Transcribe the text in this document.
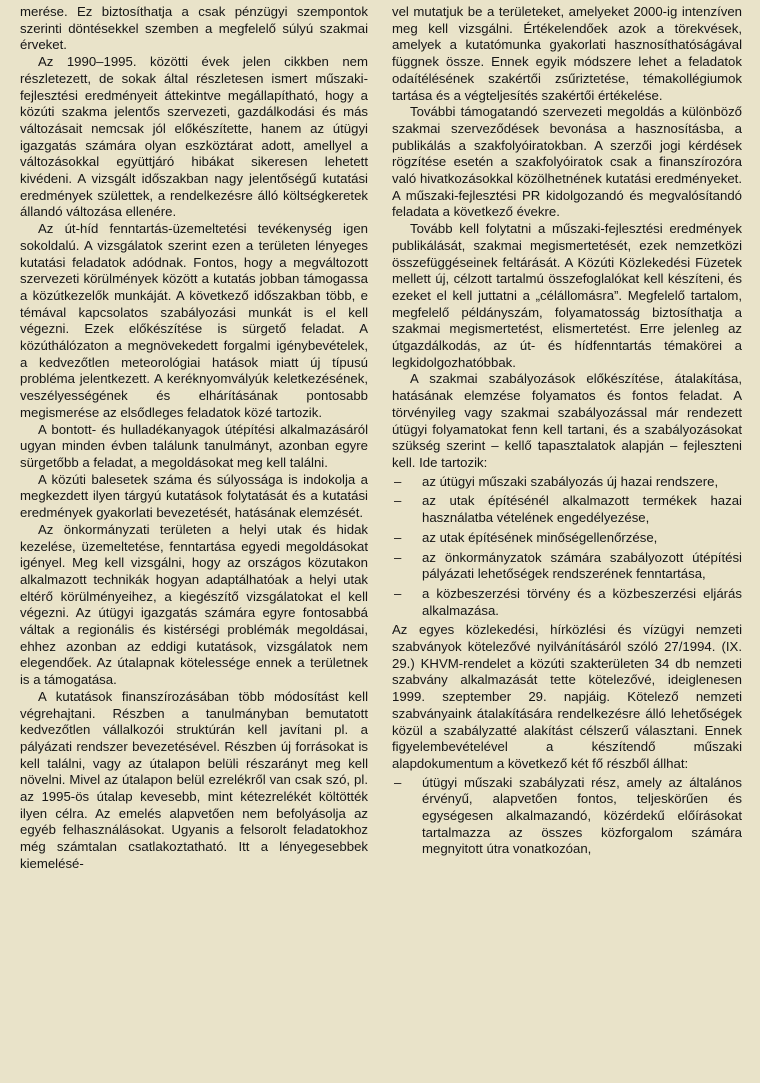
merése. Ez biztosíthatja a csak pénzügyi szempontok szerinti döntésekkel szemben a megfelelő súlyú szakmai érveket.

Az 1990–1995. közötti évek jelen cikkben nem részletezett, de sokak által részletesen ismert műszaki-fejlesztési eredményeit áttekintve megállapítható, hogy a közúti szakma jelentős szervezeti, gazdálkodási és más változásait nemcsak jól előkészítette, hanem az útügyi igazgatás számára olyan eszköztárat adott, amellyel a változásokkal együttjáró hibákat sikeresen lehetett kivédeni. A vizsgált időszakban nagy jelentőségű kutatási eredmények születtek, a rendelkezésre álló költségkeretek állandó változása ellenére.

Az út-híd fenntartás-üzemeltetési tevékenység igen sokoldalú. A vizsgálatok szerint ezen a területen lényeges kutatási feladatok adódnak. Fontos, hogy a megváltozott szervezeti körülmények között a kutatás jobban támogassa a közútkezelők munkáját. A következő időszakban több, e témával kapcsolatos szabályozási munkát is el kell végezni. Ezek előkészítése is sürgető feladat. A közúthálózaton a megnövekedett forgalmi igénybevételek, a kedvezőtlen meteorológiai hatások miatt új típusú probléma jelentkezett. A keréknyomvályúk keletkezésének, veszélyességének és elhárításának pontosabb megismerése az elsődleges feladatok közé tartozik.

A bontott- és hulladékanyagok útépítési alkalmazásáról ugyan minden évben találunk tanulmányt, azonban egyre sürgetőbb a feladat, a megoldásokat meg kell találni.

A közúti balesetek száma és súlyossága is indokolja a megkezdett ilyen tárgyú kutatások folytatását és a kutatási eredmények gyakorlati bevezetését, hatásának elemzését.

Az önkormányzati területen a helyi utak és hidak kezelése, üzemeltetése, fenntartása egyedi megoldásokat igényel. Meg kell vizsgálni, hogy az országos közutakon alkalmazott technikák hogyan adaptálhatóak a helyi utak eltérő körülményeihez, a kiegészítő vizsgálatokat el kell végezni. Az útügyi igazgatás számára egyre fontosabbá váltak a regionális és kistérségi problémák megoldásai, ehhez azonban az eddigi kutatások, vizsgálatok nem elegendőek. Az útalapnak kötelessége ennek a területnek is a támogatása.

A kutatások finanszírozásában több módosítást kell végrehajtani. Részben a tanulmányban bemutatott kedvezőtlen vállalkozói struktúrán kell javítani pl. a pályázati rendszer bevezetésével. Részben új forrásokat is kell találni, vagy az útalapon belüli részarányt meg kell növelni. Mivel az útalapon belül ezrelékről van csak szó, pl. az 1995-ös útalap kevesebb, mint kétezrelékét költötték ilyen célra. Az emelés alapvetően nem befolyásolja az egyéb felhasználásokat. Ugyanis a felsorolt feladatokhoz még számtalan csatlakoztatható. Itt a lényegesebbek kiemelésé-

vel mutatjuk be a területeket, amelyeket 2000-ig intenzíven meg kell vizsgálni. Értékelendőek azok a törekvések, amelyek a kutatómunka gyakorlati hasznosíthatóságával függnek össze. Ennek egyik módszere lehet a feladatok odaítélésének szakértői zsűriztetése, témakollégiumok tartása és a végteljesítés szakértői értékelése.

További támogatandó szervezeti megoldás a különböző szakmai szerveződések bevonása a hasznosításba, a publikálás a szakfolyóiratokban. A szerzői jogi kérdések rögzítése esetén a szakfolyóiratok csak a finanszírozóra való hivatkozásokkal közölhetnének kutatási eredményeket. A műszaki-fejlesztési PR kidolgozandó és megvalósítandó feladata a következő évekre.

Tovább kell folytatni a műszaki-fejlesztési eredmények publikálását, szakmai megismertetését, ezek nemzetközi összefüggéseinek feltárását. A Közúti Közlekedési Füzetek mellett új, célzott tartalmú összefoglalókat kell készíteni, és ezeket el kell juttatni a „célállomásra”. Megfelelő tartalom, megfelelő példányszám, folyamatosság biztosíthatja a szakmai megismertetést, elismertetést. Erre jelenleg az útgazdálkodás, az út- és hídfenntartás témakörei a legkidolgozhatóbbak.

A szakmai szabályozások előkészítése, átalakítása, hatásának elemzése folyamatos és fontos feladat. A törvényileg vagy szakmai szabályozással már rendezett útügyi folyamatokat fenn kell tartani, és a szabályozásokat szükség szerint – kellő tapasztalatok alapján – fejleszteni kell. Ide tartozik:

– az útügyi műszaki szabályozás új hazai rendszere,
– az utak építésénél alkalmazott termékek hazai használatba vételének engedélyezése,
– az utak építésének minőségellenőrzése,
– az önkormányzatok számára szabályozott útépítési pályázati lehetőségek rendszerének fenntartása,
– a közbeszerzési törvény és a közbeszerzési eljárás alkalmazása.

Az egyes közlekedési, hírközlési és vízügyi nemzeti szabványok kötelezővé nyilvánításáról szóló 27/1994. (IX. 29.) KHVM-rendelet a közúti szakterületen 34 db nemzeti szabvány alkalmazását tette kötelezővé, ideiglenesen 1999. szeptember 29. napjáig. Kötelező nemzeti szabványaink átalakítására rendelkezésre álló lehetőségek közül a szabályzatté alakítást célszerű választani. Ennek figyelembevételével a készítendő műszaki alapdokumentum a következő két fő részből állhat:

– útügyi műszaki szabályzati rész, amely az általános érvényű, alapvetően fontos, teljeskörűen és egységesen alkalmazandó, közérdekű előírásokat tartalmazza az összes közforgalom számára megnyitott útra vonatkozóan,
